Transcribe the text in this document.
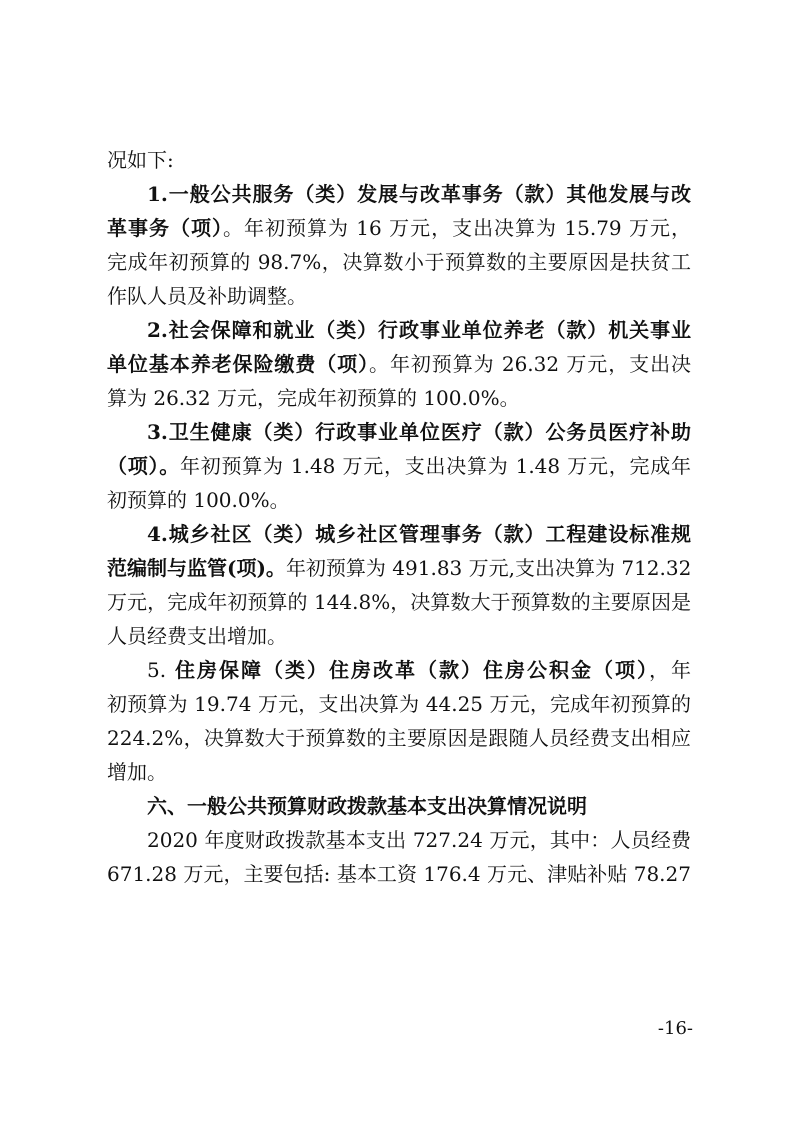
况如下:
1.一般公共服务（类）发展与改革事务（款）其他发展与改
革事务（项）。年初预算为 16 万元，支出决算为 15.79 万元，
完成年初预算的 98.7%，决算数小于预算数的主要原因是扶贫工
作队人员及补助调整。
2.社会保障和就业（类）行政事业单位养老（款）机关事业
单位基本养老保险缴费（项）。年初预算为 26.32 万元，支出决
算为 26.32 万元，完成年初预算的 100.0%。
3.卫生健康（类）行政事业单位医疗（款）公务员医疗补助
（项）。年初预算为 1.48 万元，支出决算为 1.48 万元，完成年
初预算的 100.0%。
4.城乡社区（类）城乡社区管理事务（款）工程建设标准规
范编制与监管(项)。年初预算为 491.83 万元,支出决算为 712.32
万元，完成年初预算的 144.8%，决算数大于预算数的主要原因是
人员经费支出增加。
5. 住房保障（类）住房改革（款）住房公积金（项），年
初预算为 19.74 万元，支出决算为 44.25 万元，完成年初预算的
224.2%，决算数大于预算数的主要原因是跟随人员经费支出相应
增加。
六、一般公共预算财政拨款基本支出决算情况说明
2020 年度财政拨款基本支出 727.24 万元，其中：人员经费
671.28 万元，主要包括: 基本工资 176.4 万元、津贴补贴 78.27
-16-
